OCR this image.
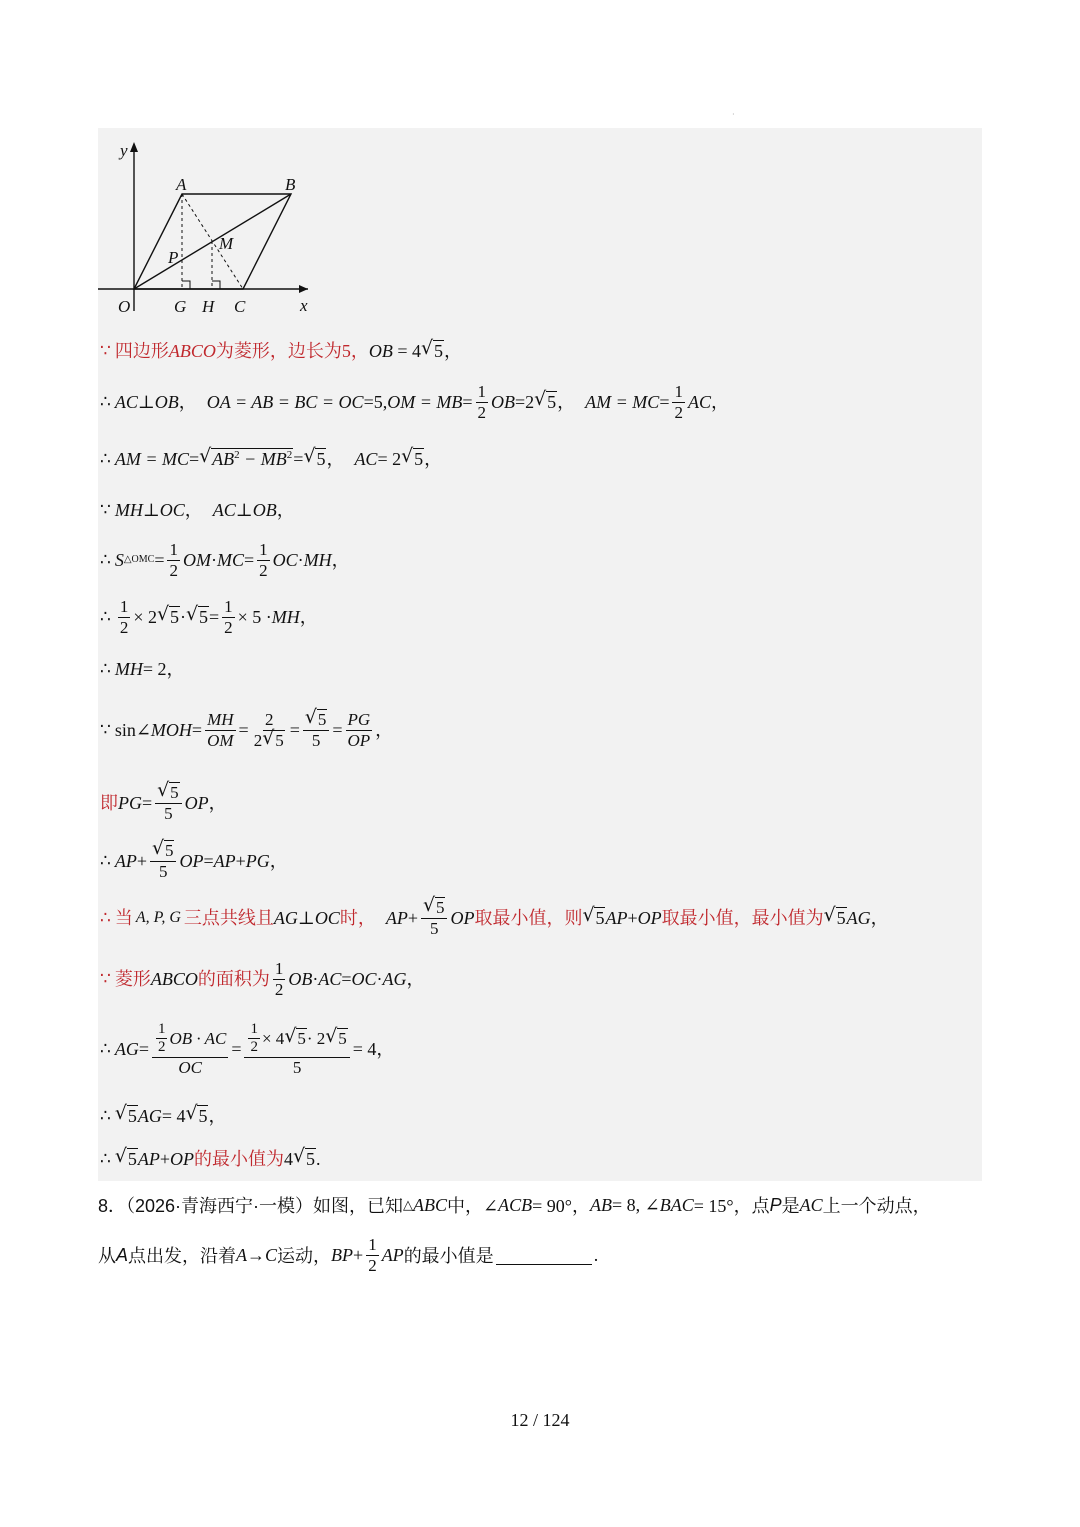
·
y
x
O
A	B
M
P
G H C
∵ 四边形 ABCO 为菱形，边长为 5 ， OB = 4√ 5，
∴ AC ⊥ OB ， OA = AB = BC = OC =5, OM = MB = $\frac{1}{2}$ OB =2
√ 5 ， AM = MC = $\frac{1}{2}$ AC ，
∴ AM = MC =
√ $AB^2 - MB^2$ =
√ 5 ， AC = 2
√ 5 ，
∵ MH ⊥ OC ， AC ⊥ OB ，
∴ S △OMC = $\frac{1}{2}$ OM · MC = $\frac{1}{2}$ OC · MH ，
∴ $\frac{1}{2} \times 2$
√ 5 ·
√ $5 = \frac{1}{2} \times 5$ · MH ，
∴ MH = 2 ，
∵ sin∠ MOH = $\frac{MH}{OM} = \frac{2}{2√ 5}$ =
√ $\frac{5}{5} = \frac{PG}{OP}$ ，
即 PG =
√ $\frac{5}{5}$ OP ，
∴ AP +
√ $\frac{5}{5}$ OP = AP + PG ，
∴ 当 A, P, G 三点共线且 AG ⊥ OC 时， AP +
√ $\frac{5}{5}$ OP 取最小值，则
√ 5 AP + OP 取最小值，最小值为
√ 5 AG ，
∵ 菱形 ABCO 的面积为 $\frac{1}{2}$ OB · AC = OC · AG ，
∴ AG = $\frac{\frac{1}{2} OB \cdot AC}{OC} = \frac{1}{2} \times 4$
√ 5 · 2
√ 5
5 = 4 ，
∴
√ 5 AG = 4
√ 5 ，
∴
√ 5 AP + OP 的最小值为 4
√ 5 .
8．（2026·青海西宁·一模）如图，已知 △ ABC 中，∠ ACB = 90°， AB = 8, ∠ BAC = 15°，点 P 是 AC 上一个动点，
从 A 点出发，沿着 A → C 运动， BP + $\frac{1}{2}$ AP 的最小值是	.
12 / 124
